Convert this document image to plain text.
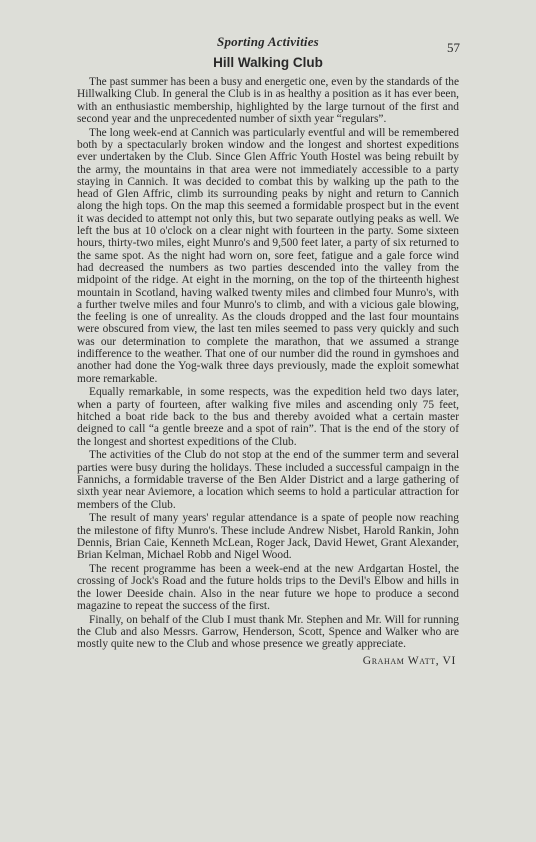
Sporting Activities	57
Hill Walking Club

The past summer has been a busy and energetic one, even by the standards of the Hillwalking Club. In general the Club is in as healthy a position as it has ever been, with an enthusiastic membership, highlighted by the large turnout of the first and second year and the unprecedented number of sixth year “regulars”.

The long week-end at Cannich was particularly eventful and will be remembered both by a spectacularly broken window and the longest and shortest expeditions ever undertaken by the Club. Since Glen Affric Youth Hostel was being rebuilt by the army, the mountains in that area were not immediately accessible to a party staying in Cannich. It was decided to combat this by walking up the path to the head of Glen Affric, climb its surrounding peaks by night and return to Cannich along the high tops. On the map this seemed a formidable prospect but in the event it was decided to attempt not only this, but two separate outlying peaks as well. We left the bus at 10 o'clock on a clear night with fourteen in the party. Some sixteen hours, thirty-two miles, eight Munro's and 9,500 feet later, a party of six returned to the same spot. As the night had worn on, sore feet, fatigue and a gale force wind had decreased the numbers as two parties descended into the valley from the midpoint of the ridge. At eight in the morning, on the top of the thirteenth highest mountain in Scotland, having walked twenty miles and climbed four Munro's, with a further twelve miles and four Munro's to climb, and with a vicious gale blowing, the feeling is one of unreality. As the clouds dropped and the last four mountains were obscured from view, the last ten miles seemed to pass very quickly and such was our determination to complete the marathon, that we assumed a strange indifference to the weather. That one of our number did the round in gymshoes and another had done the Yog-walk three days previously, made the exploit somewhat more remarkable.

Equally remarkable, in some respects, was the expedition held two days later, when a party of fourteen, after walking five miles and ascending only 75 feet, hitched a boat ride back to the bus and thereby avoided what a certain master deigned to call “a gentle breeze and a spot of rain”. That is the end of the story of the longest and shortest expeditions of the Club.

The activities of the Club do not stop at the end of the summer term and several parties were busy during the holidays. These included a successful campaign in the Fannichs, a formidable traverse of the Ben Alder District and a large gathering of sixth year near Aviemore, a location which seems to hold a particular attraction for members of the Club.

The result of many years' regular attendance is a spate of people now reaching the milestone of fifty Munro's. These include Andrew Nisbet, Harold Rankin, John Dennis, Brian Caie, Kenneth McLean, Roger Jack, David Hewet, Grant Alexander, Brian Kelman, Michael Robb and Nigel Wood.

The recent programme has been a week-end at the new Ardgartan Hostel, the crossing of Jock's Road and the future holds trips to the Devil's Elbow and hills in the lower Deeside chain. Also in the near future we hope to produce a second magazine to repeat the success of the first.

Finally, on behalf of the Club I must thank Mr. Stephen and Mr. Will for running the Club and also Messrs. Garrow, Henderson, Scott, Spence and Walker who are mostly quite new to the Club and whose presence we greatly appreciate.

Graham Watt, VI
